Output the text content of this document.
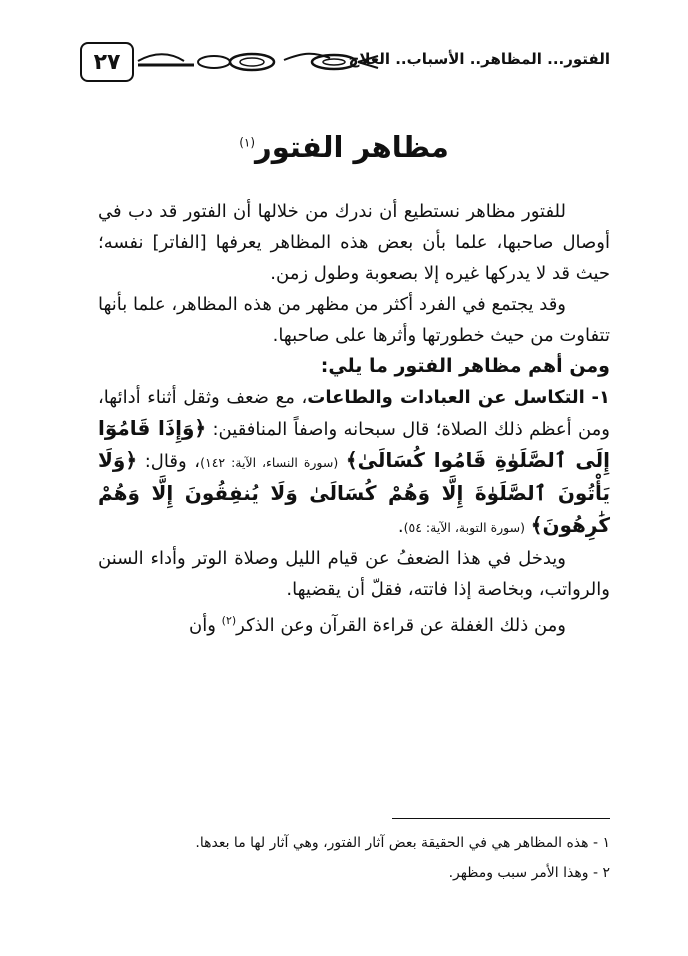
٢٧	الفتور... المظاهر.. الأسباب.. العلاج
مظاهر الفتور$^{(١)}$

للفتور مظاهر نستطيع أن ندرك من خلالها أن الفتور قد دب في أوصال صاحبها، علما بأن بعض هذه المظاهر يعرفها [الفاتر] نفسه؛ حيث قد لا يدركها غيره إلا بصعوبة وطول زمن.

وقد يجتمع في الفرد أكثر من مظهر من هذه المظاهر، علما بأنها تتفاوت من حيث خطورتها وأثرها على صاحبها.

ومن أهم مظاهر الفتور ما يلي:

١- التكاسل عن العبادات والطاعات، مع ضعف وثقل أثناء أدائها، ومن أعظم ذلك الصلاة؛ قال سبحانه واصفاً المنافقين: ﴿وَإِذَا قَامُوٓا إِلَى ٱلصَّلَوٰةِ قَامُوا كُسَالَىٰ﴾ (سورة النساء، الآية: ١٤٢)، وقال: ﴿وَلَا يَأْتُونَ ٱلصَّلَوٰةَ إِلَّا وَهُمْ كُسَالَىٰ وَلَا يُنفِقُونَ إِلَّا وَهُمْ كَٰرِهُونَ﴾ (سورة التوبة، الآية: ٥٤).

ويدخل في هذا الضعفُ عن قيام الليل وصلاة الوتر وأداء السنن والرواتب، وبخاصة إذا فاتته، فقلّ أن يقضيها.

ومن ذلك الغفلة عن قراءة القرآن وعن الذكر$^{(٢)}$ وأن

١ - هذه المظاهر هي في الحقيقة بعض آثار الفتور، وهي آثار لها ما بعدها.

٢ - وهذا الأمر سبب ومظهر.
